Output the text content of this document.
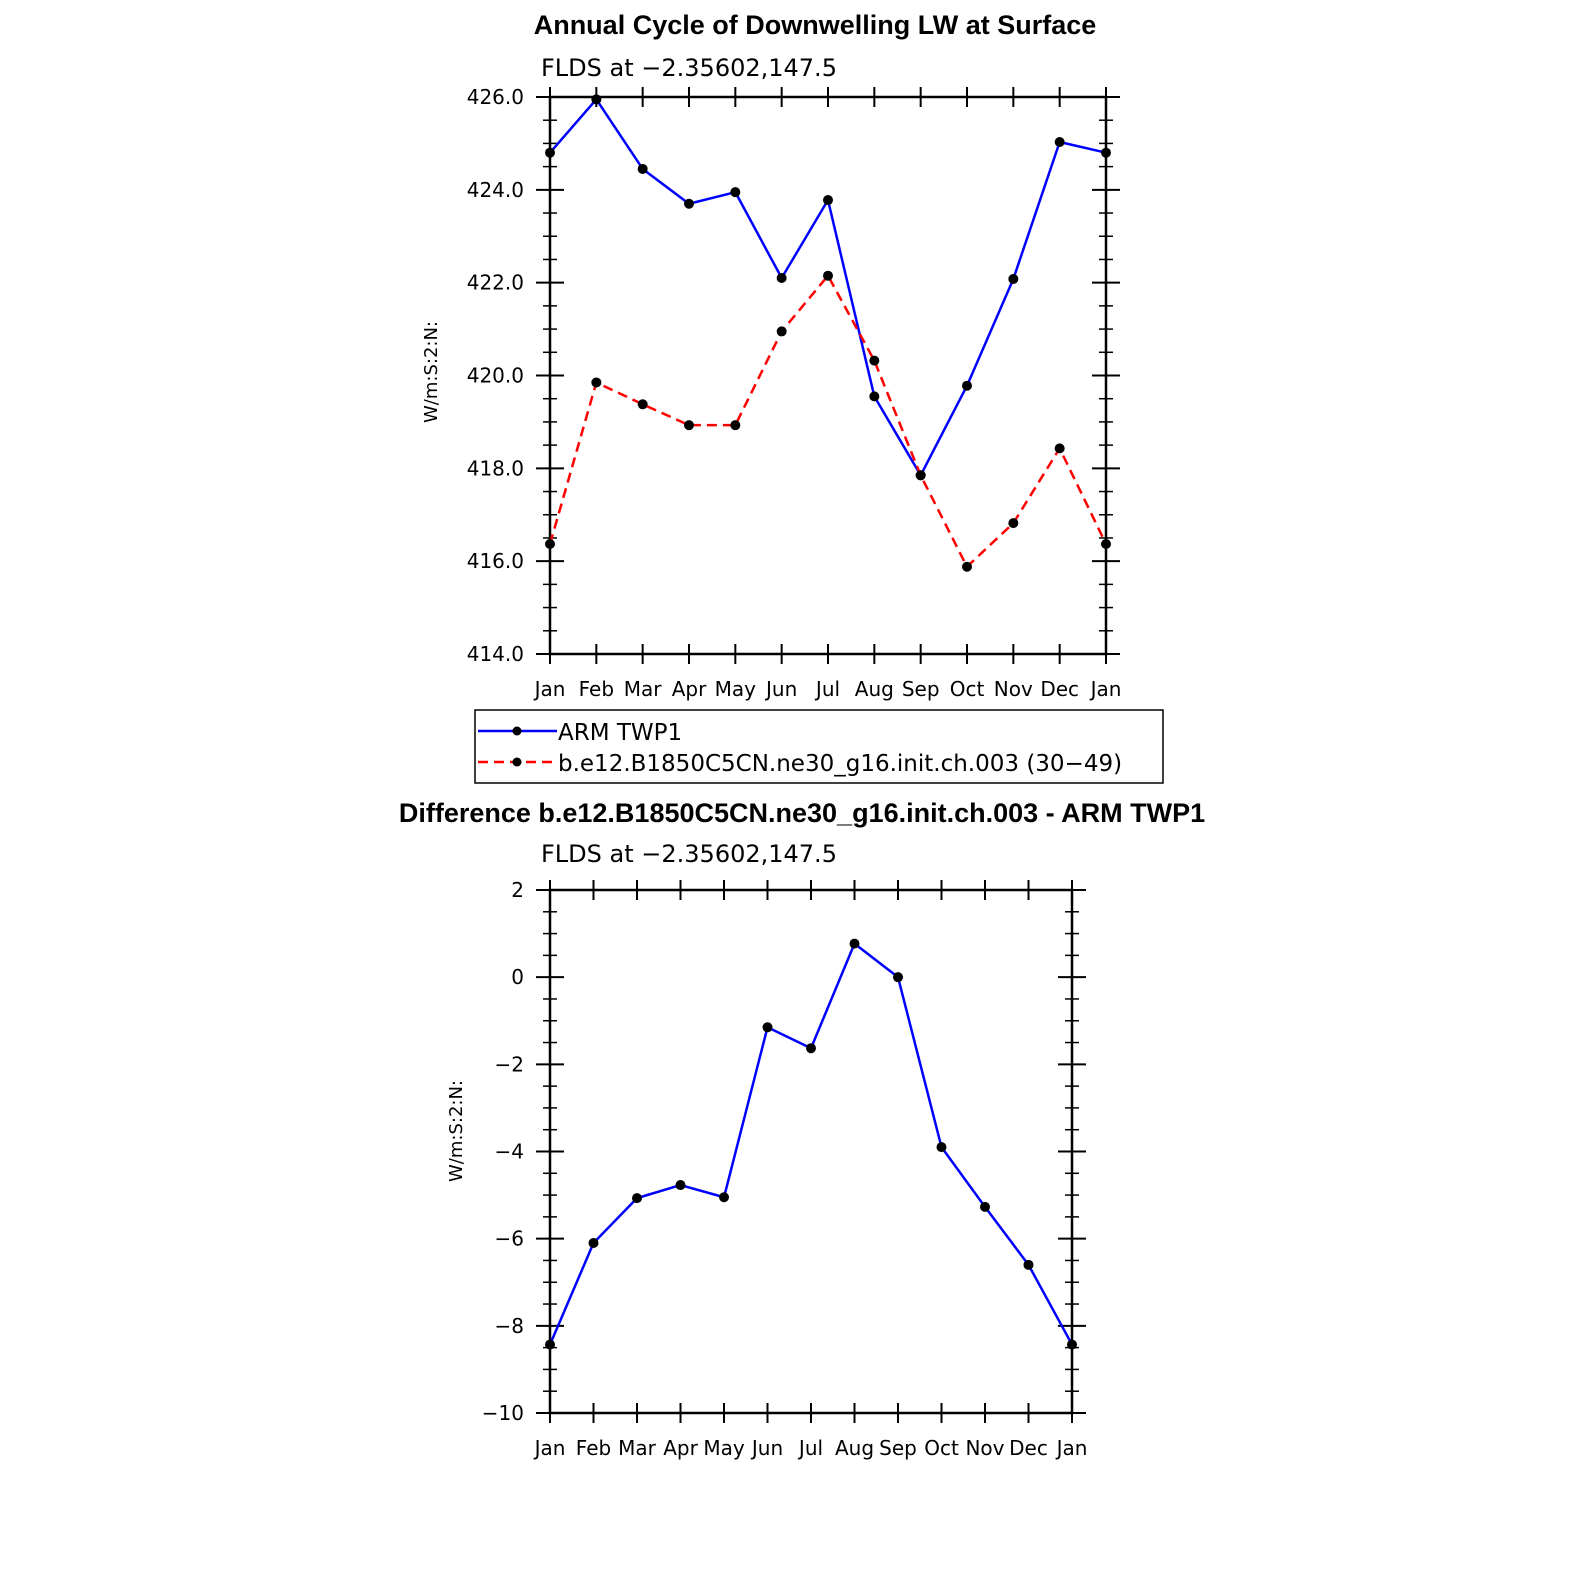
Annual Cycle of Downwelling LW at Surface
FLDS at −2.35602,147.5
W/m:S:2:N:
Jan Feb Mar Apr May Jun Jul Aug Sep Oct Nov Dec Jan
414.0
416.0
418.0
420.0
422.0
424.0
426.0
ARM TWP1
b.e12.B1850C5CN.ne30_g16.init.ch.003 (30−49)
Difference b.e12.B1850C5CN.ne30_g16.init.ch.003 - ARM TWP1
FLDS at −2.35602,147.5
W/m:S:2:N:
Jan Feb Mar Apr May Jun Jul Aug Sep Oct Nov Dec Jan
−10
−8
−6
−4
−2
0
2
